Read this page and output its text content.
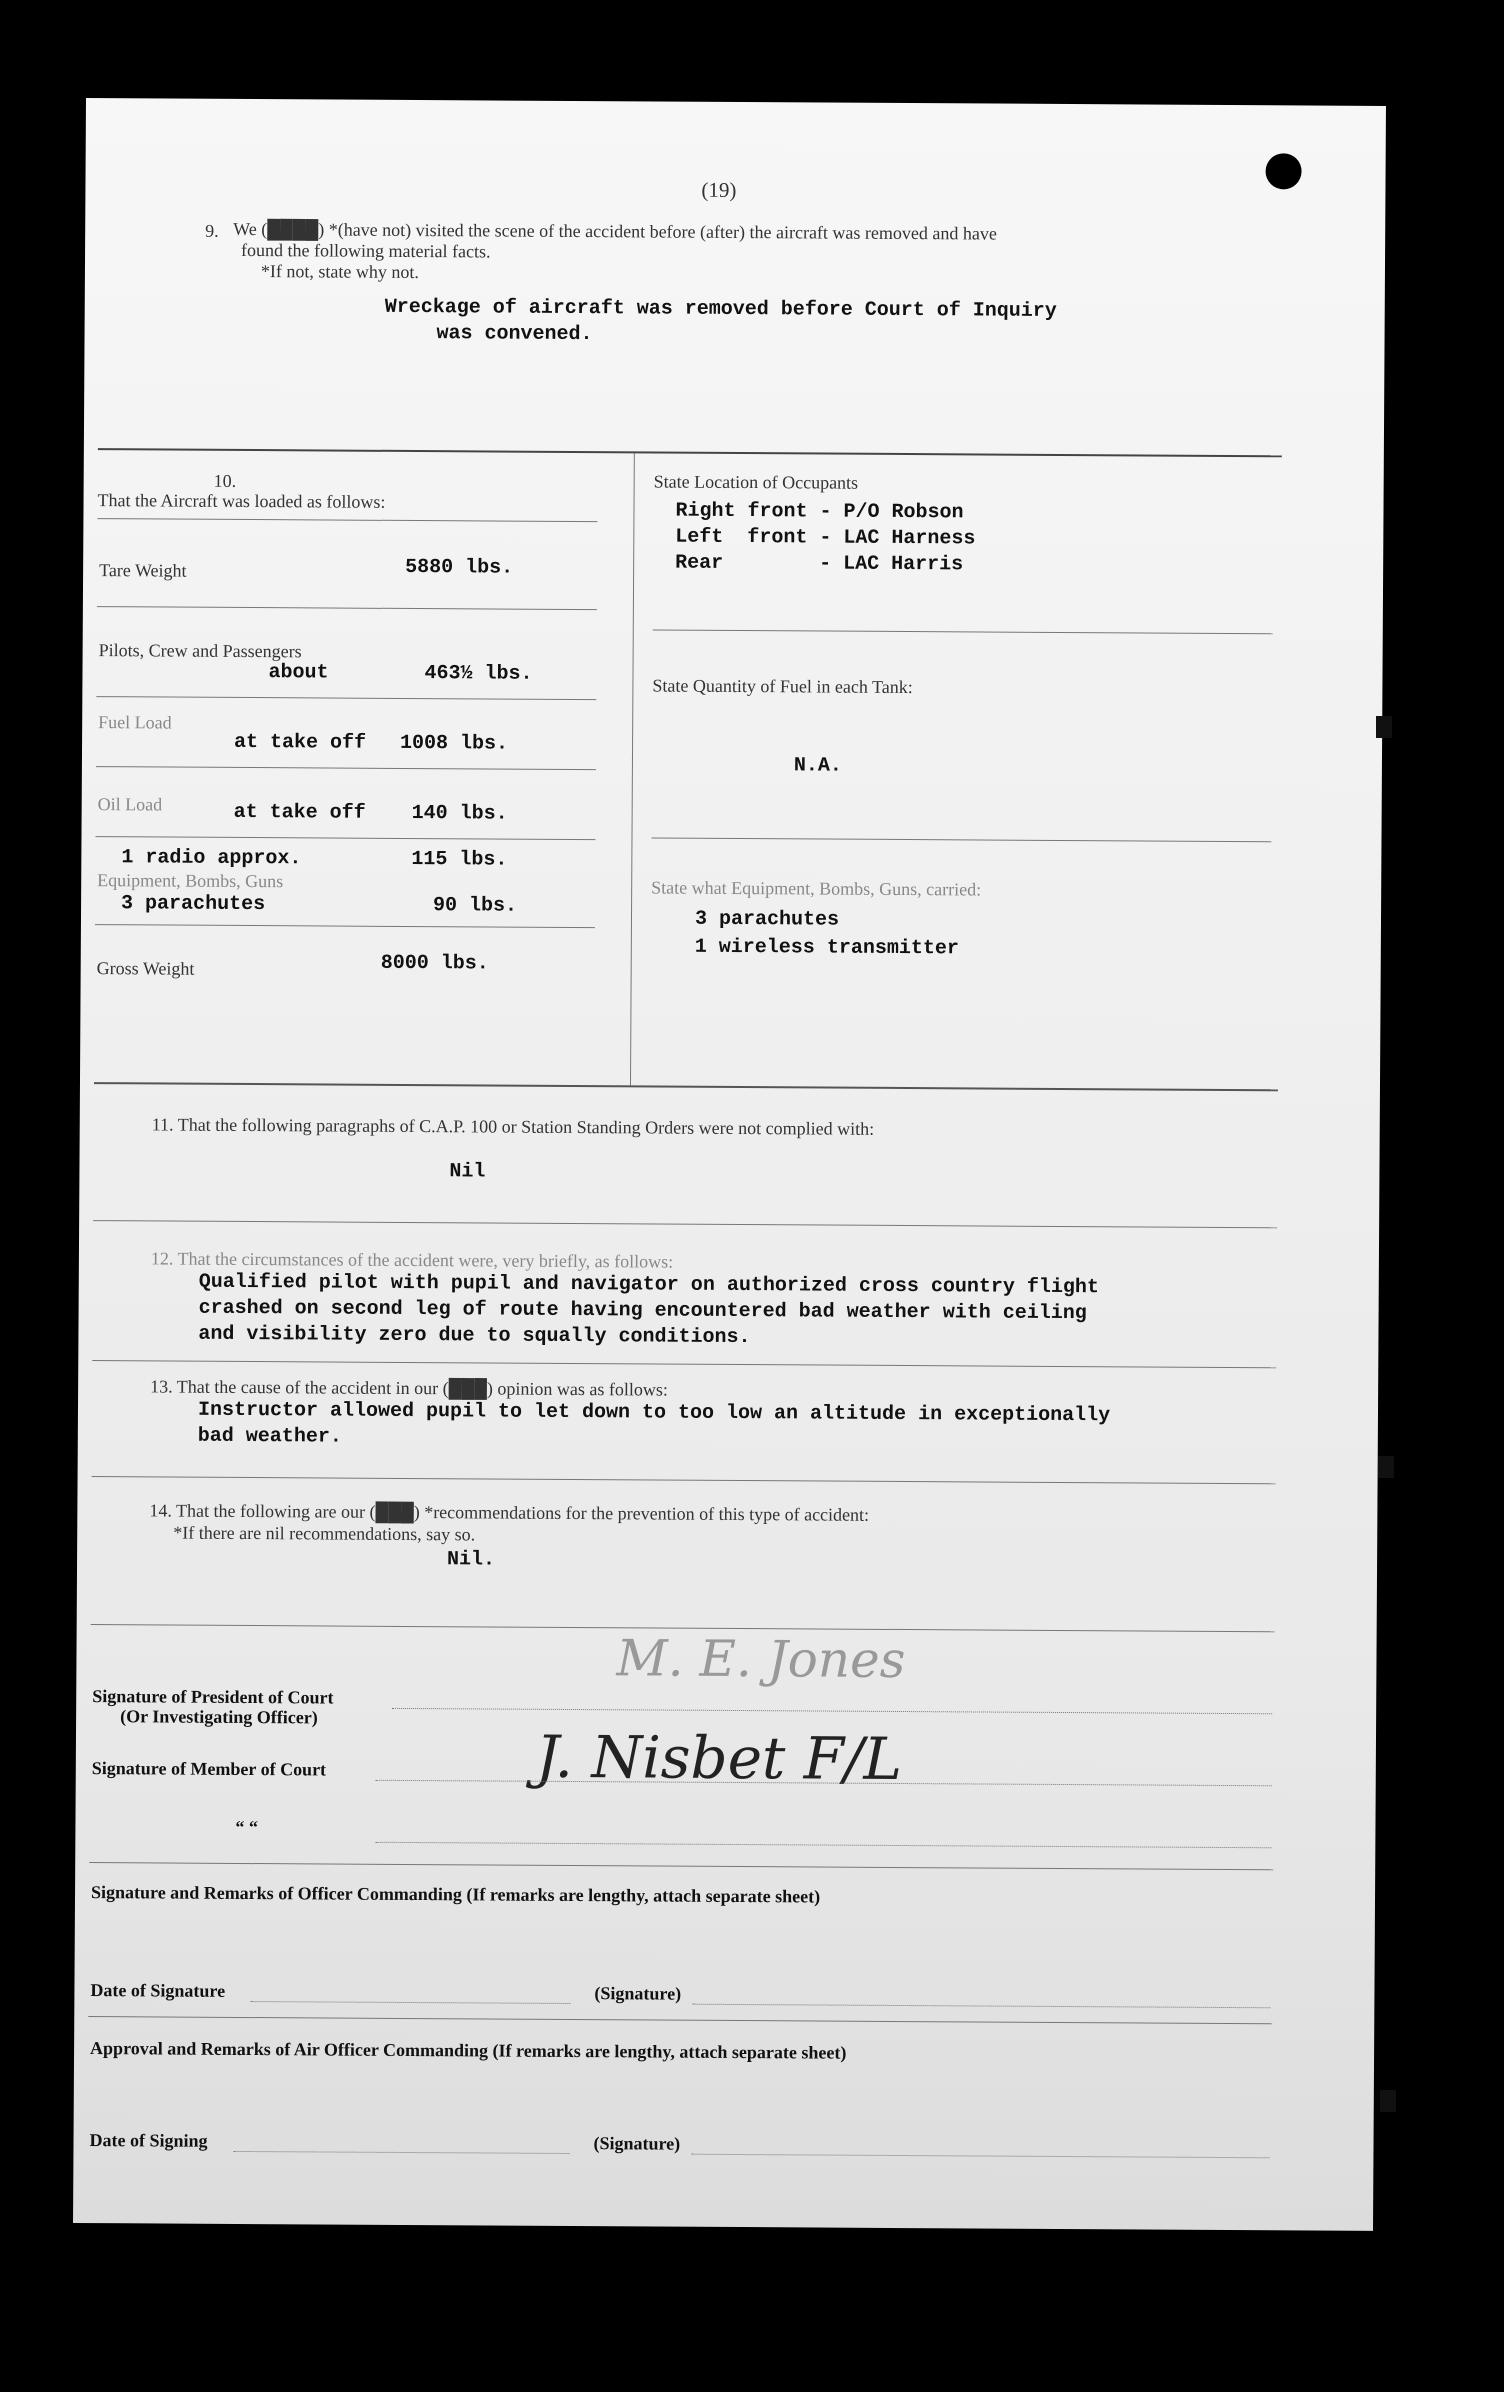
(19)
9. We (████) *(have not) visited the scene of the accident before (after) the aircraft was removed and have
found the following material facts.
*If not, state why not.
Wreckage of aircraft was removed before Court of Inquiry
was convened.
10.
That the Aircraft was loaded as follows:
Tare Weight	5880 lbs.
Pilots, Crew and Passengers
about	463½ lbs.
Fuel Load
at take off 1008 lbs.
Oil Load	at take off 140 lbs.
1 radio approx.	115 lbs.
Equipment, Bombs, Guns
3 parachutes	90 lbs.
Gross Weight	8000 lbs.
State Location of Occupants
Right front - P/O Robson
Left  front - LAC Harness
Rear        - LAC Harris
State Quantity of Fuel in each Tank:
N.A.
State what Equipment, Bombs, Guns, carried:
3 parachutes
1 wireless transmitter
11. That the following paragraphs of C.A.P. 100 or Station Standing Orders were not complied with:
Nil
12. That the circumstances of the accident were, very briefly, as follows:
Qualified pilot with pupil and navigator on authorized cross country flight
crashed on second leg of route having encountered bad weather with ceiling
and visibility zero due to squally conditions.
13. That the cause of the accident in our (███) opinion was as follows:
Instructor allowed pupil to let down to too low an altitude in exceptionally
bad weather.
14. That the following are our (███) *recommendations for the prevention of this type of accident:
*If there are nil recommendations, say so.
Nil.
M. E. Jones
Signature of President of Court
(Or Investigating Officer)
J. Nisbet F/L
Signature of Member of Court
“ “
Signature and Remarks of Officer Commanding (If remarks are lengthy, attach separate sheet)
Date of Signature	(Signature)
Approval and Remarks of Air Officer Commanding (If remarks are lengthy, attach separate sheet)
Date of Signing	(Signature)
